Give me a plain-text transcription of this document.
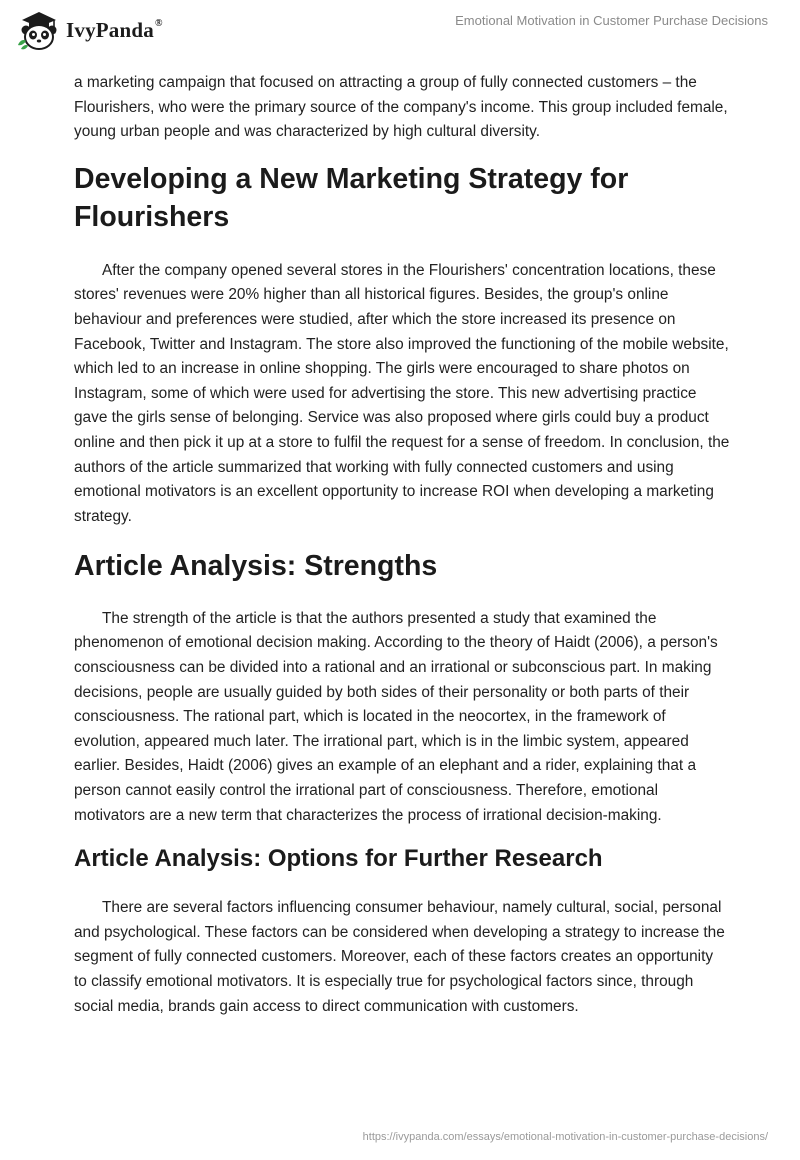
IvyPanda®	Emotional Motivation in Customer Purchase Decisions

a marketing campaign that focused on attracting a group of fully connected customers – the Flourishers, who were the primary source of the company's income. This group included female, young urban people and was characterized by high cultural diversity.

Developing a New Marketing Strategy for Flourishers

After the company opened several stores in the Flourishers' concentration locations, these stores' revenues were 20% higher than all historical figures. Besides, the group's online behaviour and preferences were studied, after which the store increased its presence on Facebook, Twitter and Instagram. The store also improved the functioning of the mobile website, which led to an increase in online shopping. The girls were encouraged to share photos on Instagram, some of which were used for advertising the store. This new advertising practice gave the girls sense of belonging. Service was also proposed where girls could buy a product online and then pick it up at a store to fulfil the request for a sense of freedom. In conclusion, the authors of the article summarized that working with fully connected customers and using emotional motivators is an excellent opportunity to increase ROI when developing a marketing strategy.

Article Analysis: Strengths

The strength of the article is that the authors presented a study that examined the phenomenon of emotional decision making. According to the theory of Haidt (2006), a person's consciousness can be divided into a rational and an irrational or subconscious part. In making decisions, people are usually guided by both sides of their personality or both parts of their consciousness. The rational part, which is located in the neocortex, in the framework of evolution, appeared much later. The irrational part, which is in the limbic system, appeared earlier. Besides, Haidt (2006) gives an example of an elephant and a rider, explaining that a person cannot easily control the irrational part of consciousness. Therefore, emotional motivators are a new term that characterizes the process of irrational decision-making.

Article Analysis: Options for Further Research

There are several factors influencing consumer behaviour, namely cultural, social, personal and psychological. These factors can be considered when developing a strategy to increase the segment of fully connected customers. Moreover, each of these factors creates an opportunity to classify emotional motivators. It is especially true for psychological factors since, through social media, brands gain access to direct communication with customers.

https://ivypanda.com/essays/emotional-motivation-in-customer-purchase-decisions/
